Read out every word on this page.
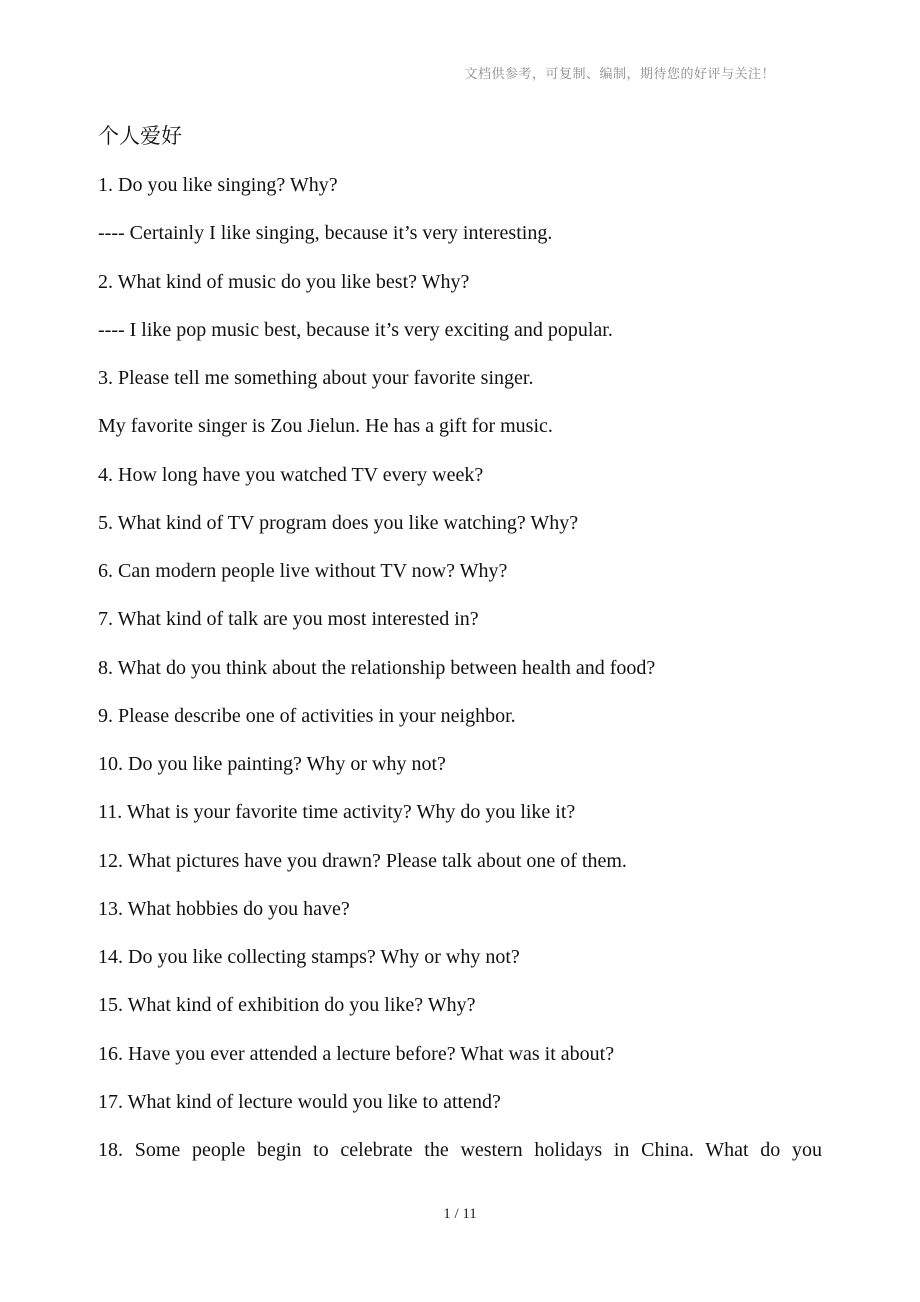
文档供参考，可复制、编制，期待您的好评与关注！
个人爱好
1. Do you like singing? Why?
---- Certainly I like singing, because it’s very interesting.
2. What kind of music do you like best? Why?
---- I like pop music best, because it’s very exciting and popular.
3. Please tell me something about your favorite singer.
My favorite singer is Zou Jielun. He has a gift for music.
4. How long have you watched TV every week?
5. What kind of TV program does you like watching? Why?
6. Can modern people live without TV now? Why?
7. What kind of talk are you most interested in?
8. What do you think about the relationship between health and food?
9. Please describe one of activities in your neighbor.
10. Do you like painting? Why or why not?
11. What is your favorite time activity? Why do you like it?
12. What pictures have you drawn? Please talk about one of them.
13. What hobbies do you have?
14. Do you like collecting stamps? Why or why not?
15. What kind of exhibition do you like? Why?
16. Have you ever attended a lecture before? What was it about?
17. What kind of lecture would you like to attend?
18. Some people begin to celebrate the western holidays in China. What do you
1 / 11
